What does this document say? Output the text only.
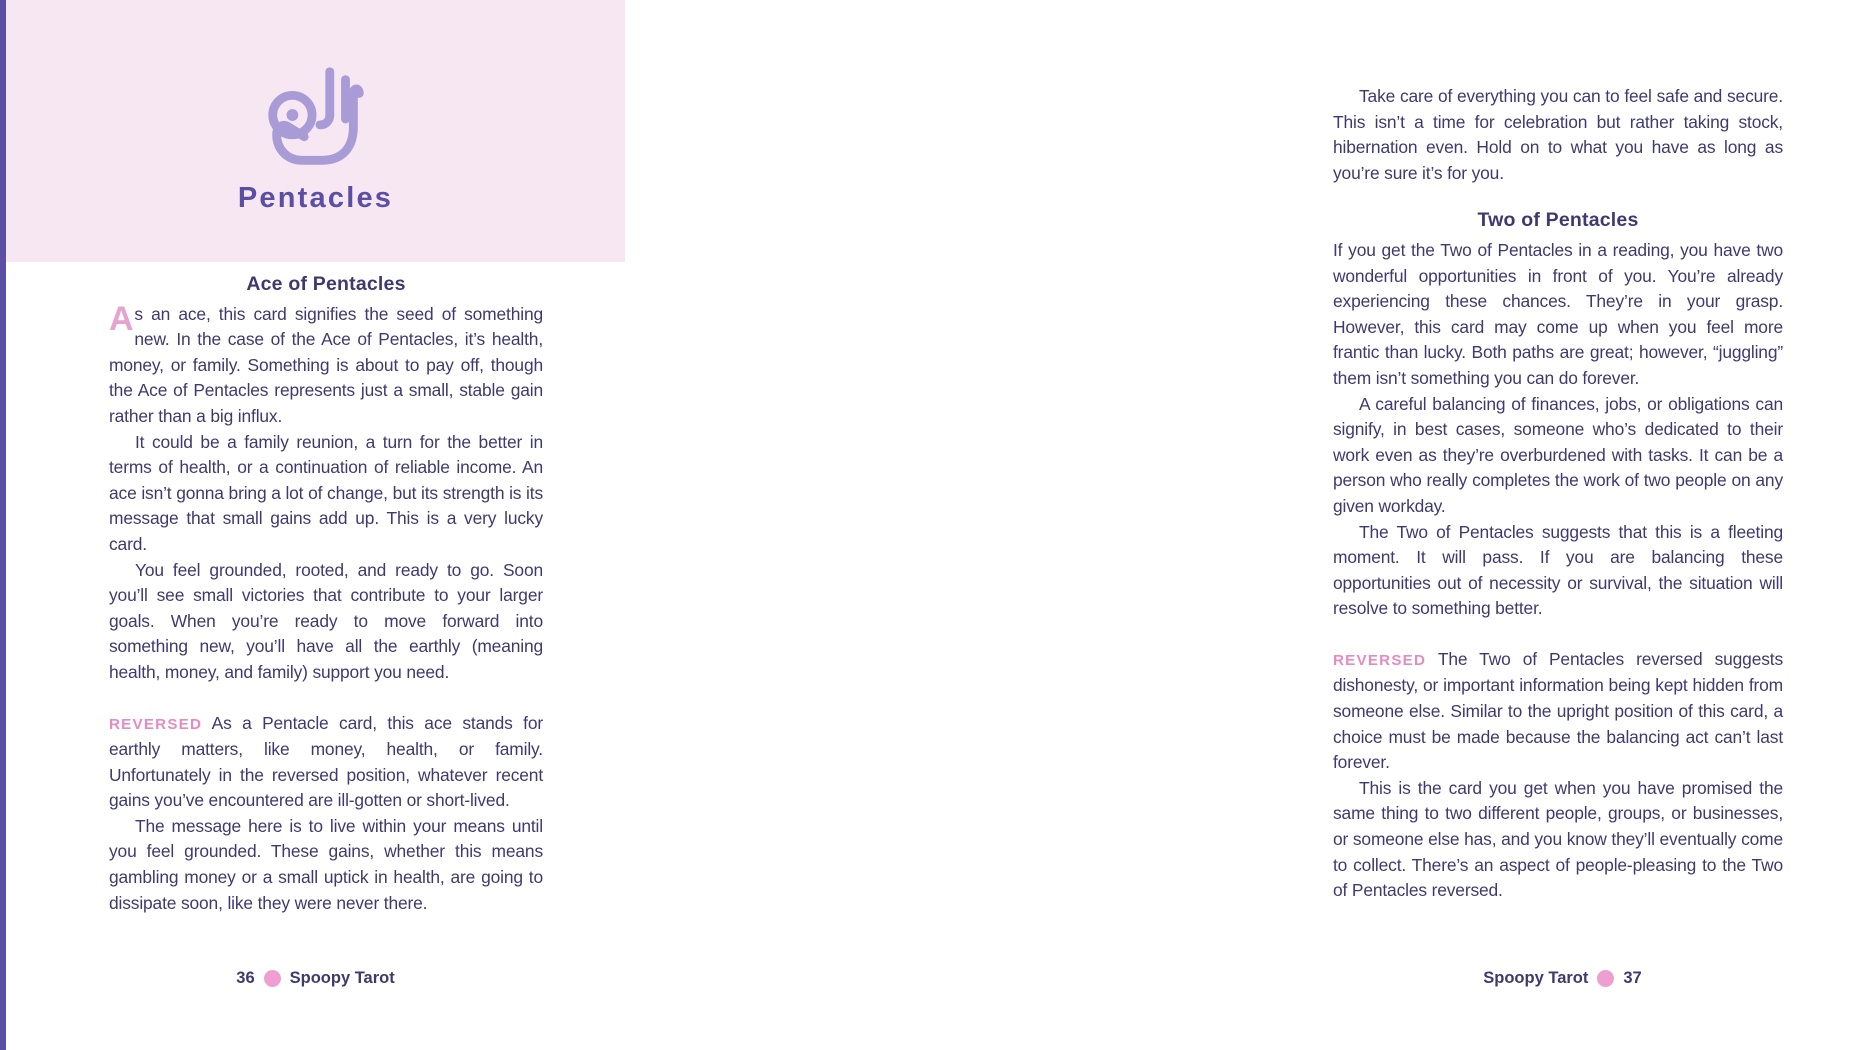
Pentacles
Ace of Pentacles

As an ace, this card signifies the seed of something new. In the case of the Ace of Pentacles, it’s health, money, or family. Something is about to pay off, though the Ace of Pentacles represents just a small, stable gain rather than a big influx.

It could be a family reunion, a turn for the better in terms of health, or a continuation of reliable income. An ace isn’t gonna bring a lot of change, but its strength is its message that small gains add up. This is a very lucky card.

You feel grounded, rooted, and ready to go. Soon you’ll see small victories that contribute to your larger goals. When you’re ready to move forward into something new, you’ll have all the earthly (meaning health, money, and family) support you need.

REVERSED As a Pentacle card, this ace stands for earthly matters, like money, health, or family. Unfortunately in the reversed position, whatever recent gains you’ve encountered are ill-gotten or short-lived.

The message here is to live within your means until you feel grounded. These gains, whether this means gambling money or a small uptick in health, are going to dissipate soon, like they were never there.

36 Spoopy Tarot

Take care of everything you can to feel safe and secure. This isn’t a time for celebration but rather taking stock, hibernation even. Hold on to what you have as long as you’re sure it’s for you.

Two of Pentacles

If you get the Two of Pentacles in a reading, you have two wonderful opportunities in front of you. You’re already experiencing these chances. They’re in your grasp. However, this card may come up when you feel more frantic than lucky. Both paths are great; however, “juggling” them isn’t something you can do forever.

A careful balancing of finances, jobs, or obligations can signify, in best cases, someone who’s dedicated to their work even as they’re overburdened with tasks. It can be a person who really completes the work of two people on any given workday.

The Two of Pentacles suggests that this is a fleeting moment. It will pass. If you are balancing these opportunities out of necessity or survival, the situation will resolve to something better.

REVERSED The Two of Pentacles reversed suggests dishonesty, or important information being kept hidden from someone else. Similar to the upright position of this card, a choice must be made because the balancing act can’t last forever.

This is the card you get when you have promised the same thing to two different people, groups, or businesses, or someone else has, and you know they’ll eventually come to collect. There’s an aspect of people-pleasing to the Two of Pentacles reversed.

Spoopy Tarot 37
